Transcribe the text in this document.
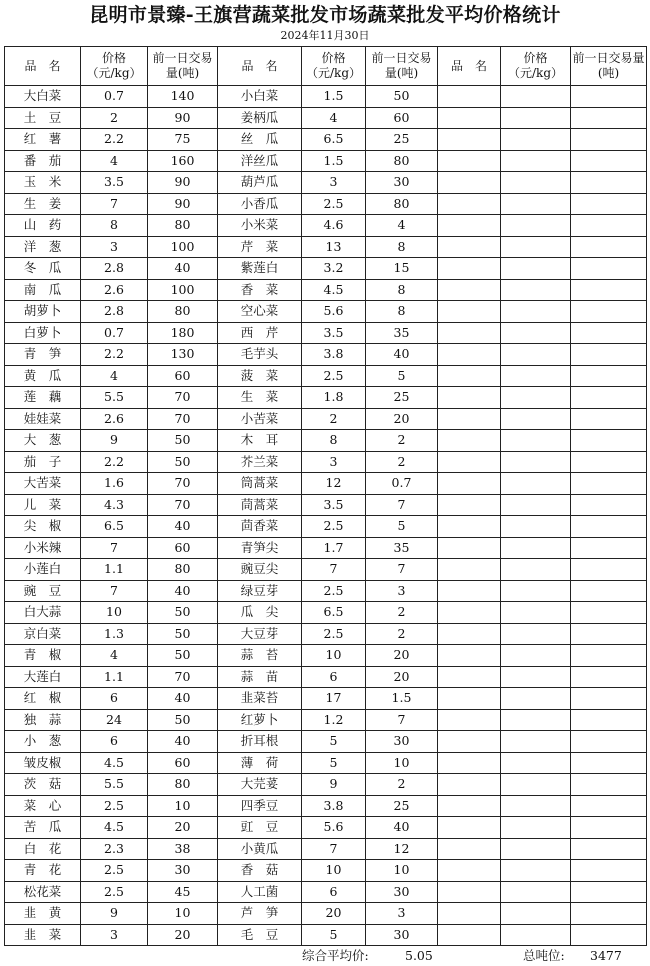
昆明市景臻-王旗营蔬菜批发市场蔬菜批发平均价格统计
2024年11月30日
品　名	价格（元/kg）	前一日交易量(吨)	品　名	价格（元/kg）	前一日交易量(吨)	品　名	价格（元/kg）	前一日交易量(吨)
大白菜	0.7	140	小白菜	1.5	50			
土　豆	2	90	姜柄瓜	4	60			
红　薯	2.2	75	丝　瓜	6.5	25			
番　茄	4	160	洋丝瓜	1.5	80			
玉　米	3.5	90	葫芦瓜	3	30			
生　姜	7	90	小香瓜	2.5	80			
山　药	8	80	小米菜	4.6	4			
洋　葱	3	100	芹　菜	13	8			
冬　瓜	2.8	40	紫莲白	3.2	15			
南　瓜	2.6	100	香　菜	4.5	8			
胡萝卜	2.8	80	空心菜	5.6	8			
白萝卜	0.7	180	西　芹	3.5	35			
青　笋	2.2	130	毛芋头	3.8	40			
黄　瓜	4	60	菠　菜	2.5	5			
莲　藕	5.5	70	生　菜	1.8	25			
娃娃菜	2.6	70	小苦菜	2	20			
大　葱	9	50	木　耳	8	2			
茄　子	2.2	50	芥兰菜	3	2			
大苦菜	1.6	70	筒蒿菜	12	0.7			
儿　菜	4.3	70	茼蒿菜	3.5	7			
尖　椒	6.5	40	茴香菜	2.5	5			
小米辣	7	60	青笋尖	1.7	35			
小莲白	1.1	80	豌豆尖	7	7			
豌　豆	7	40	绿豆芽	2.5	3			
白大蒜	10	50	瓜　尖	6.5	2			
京白菜	1.3	50	大豆芽	2.5	2			
青　椒	4	50	蒜　苔	10	20			
大莲白	1.1	70	蒜　苗	6	20			
红　椒	6	40	韭菜苔	17	1.5			
独　蒜	24	50	红萝卜	1.2	7			
小　葱	6	40	折耳根	5	30			
皱皮椒	4.5	60	薄　荷	5	10			
茨　菇	5.5	80	大芫荽	9	2			
菜　心	2.5	10	四季豆	3.8	25			
苦　瓜	4.5	20	豇　豆	5.6	40			
白　花	2.3	38	小黄瓜	7	12			
青　花	2.5	30	香　菇	10	10			
松花菜	2.5	45	人工菌	6	30			
韭　黄	9	10	芦　笋	20	3			
韭　菜	3	20	毛　豆	5	30			
综合平均价:	5.05	总吨位: 3477
